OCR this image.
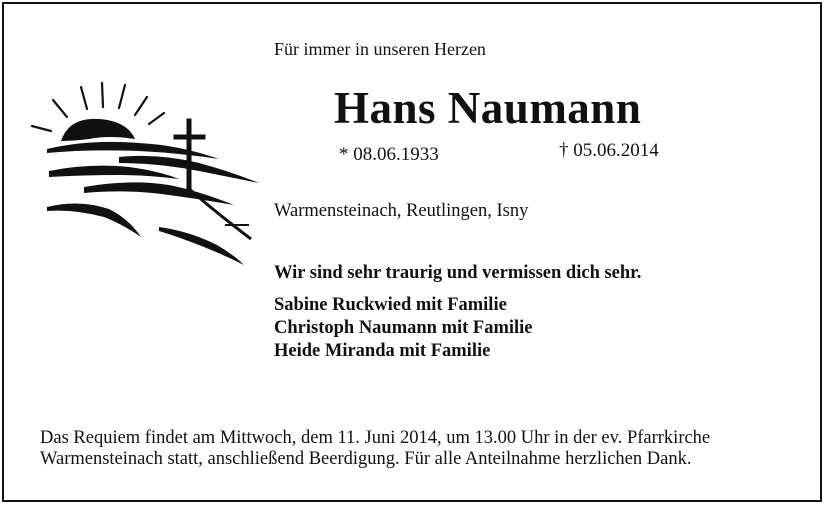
Für immer in unseren Herzen
Hans Naumann
* 08.06.1933	† 05.06.2014
Warmensteinach, Reutlingen, Isny
Wir sind sehr traurig und vermissen dich sehr.
Sabine Ruckwied mit Familie
Christoph Naumann mit Familie
Heide Miranda mit Familie
Das Requiem findet am Mittwoch, dem 11. Juni 2014, um 13.00 Uhr in der ev. Pfarrkirche
Warmensteinach statt, anschließend Beerdigung. Für alle Anteilnahme herzlichen Dank.
